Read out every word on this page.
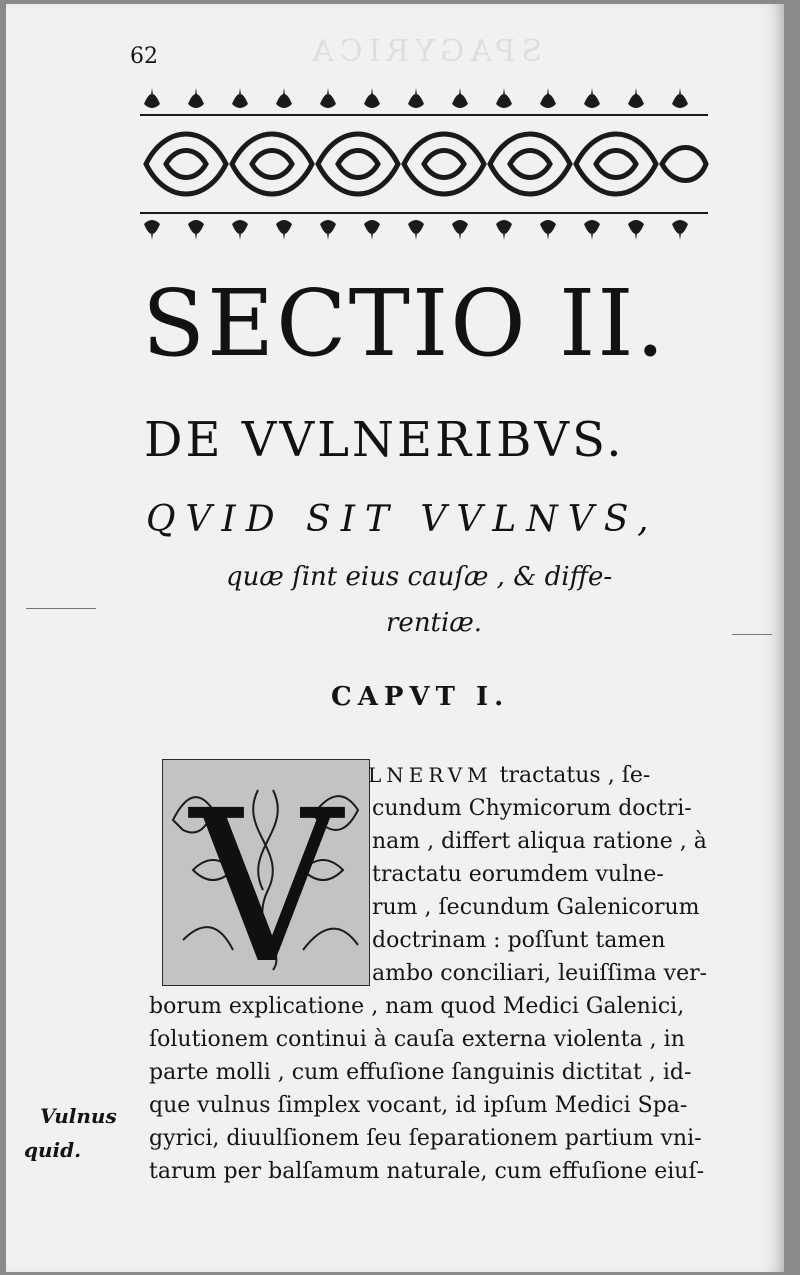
SPAGYRICA
62
SECTIO II.
DE VVLNERIBVS.
QVID SIT VVLNVS,
quæ ſint eius cauſæ , & diffe-
rentiæ.
CAPVT I.
V LNERVM tractatus , ſe-
cundum Chymicorum doctri-
nam , differt aliqua ratione , à
tractatu eorumdem vulne-
rum , ſecundum Galenicorum
doctrinam : poſſunt tamen
ambo conciliari, leuiſſima ver-
borum explicatione , nam quod Medici Galenici,
ſolutionem continui à cauſa externa violenta , in
parte molli , cum effuſione ſanguinis dictitat , id-
que vulnus ſimplex vocant, id ipſum Medici Spa-
gyrici, diuulſionem ſeu ſeparationem partium vni-
tarum per balſamum naturale, cum effuſione eiuſ-
Vulnus
quid.
